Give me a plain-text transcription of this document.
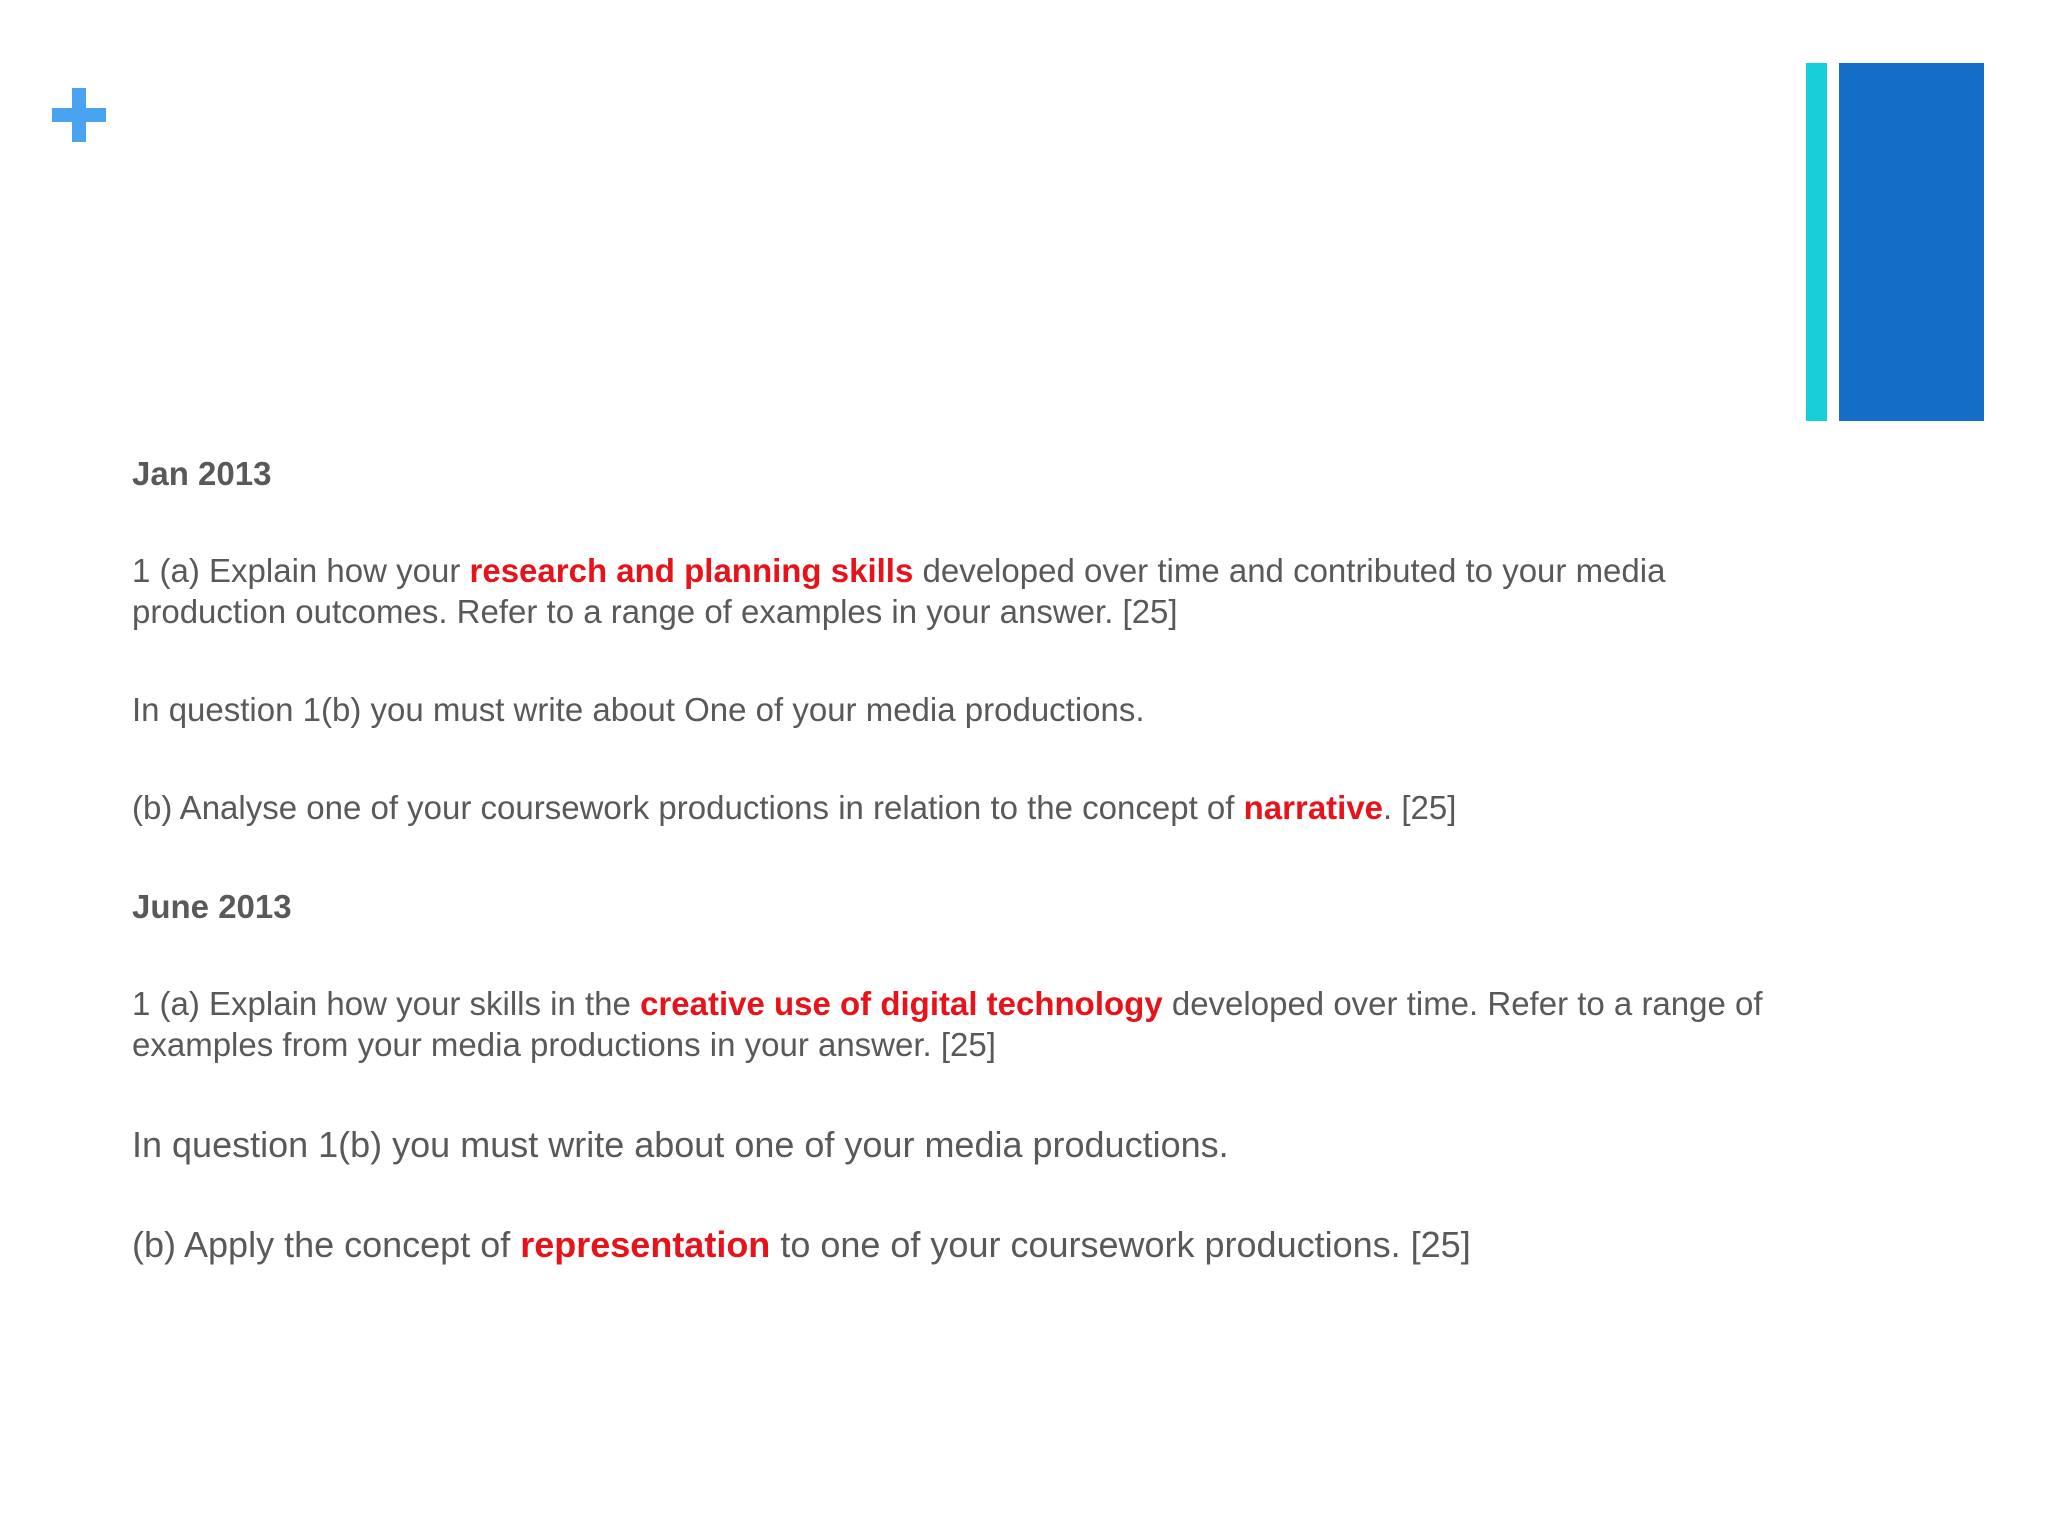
Jan 2013
1 (a) Explain how your research and planning skills developed over time and contributed to your media production outcomes. Refer to a range of examples in your answer. [25]
In question 1(b) you must write about One of your media productions.
(b) Analyse one of your coursework productions in relation to the concept of narrative. [25]
June 2013
1 (a) Explain how your skills in the creative use of digital technology developed over time. Refer to a range of examples from your media productions in your answer. [25]
In question 1(b) you must write about one of your media productions.
(b) Apply the concept of representation to one of your coursework productions. [25]
